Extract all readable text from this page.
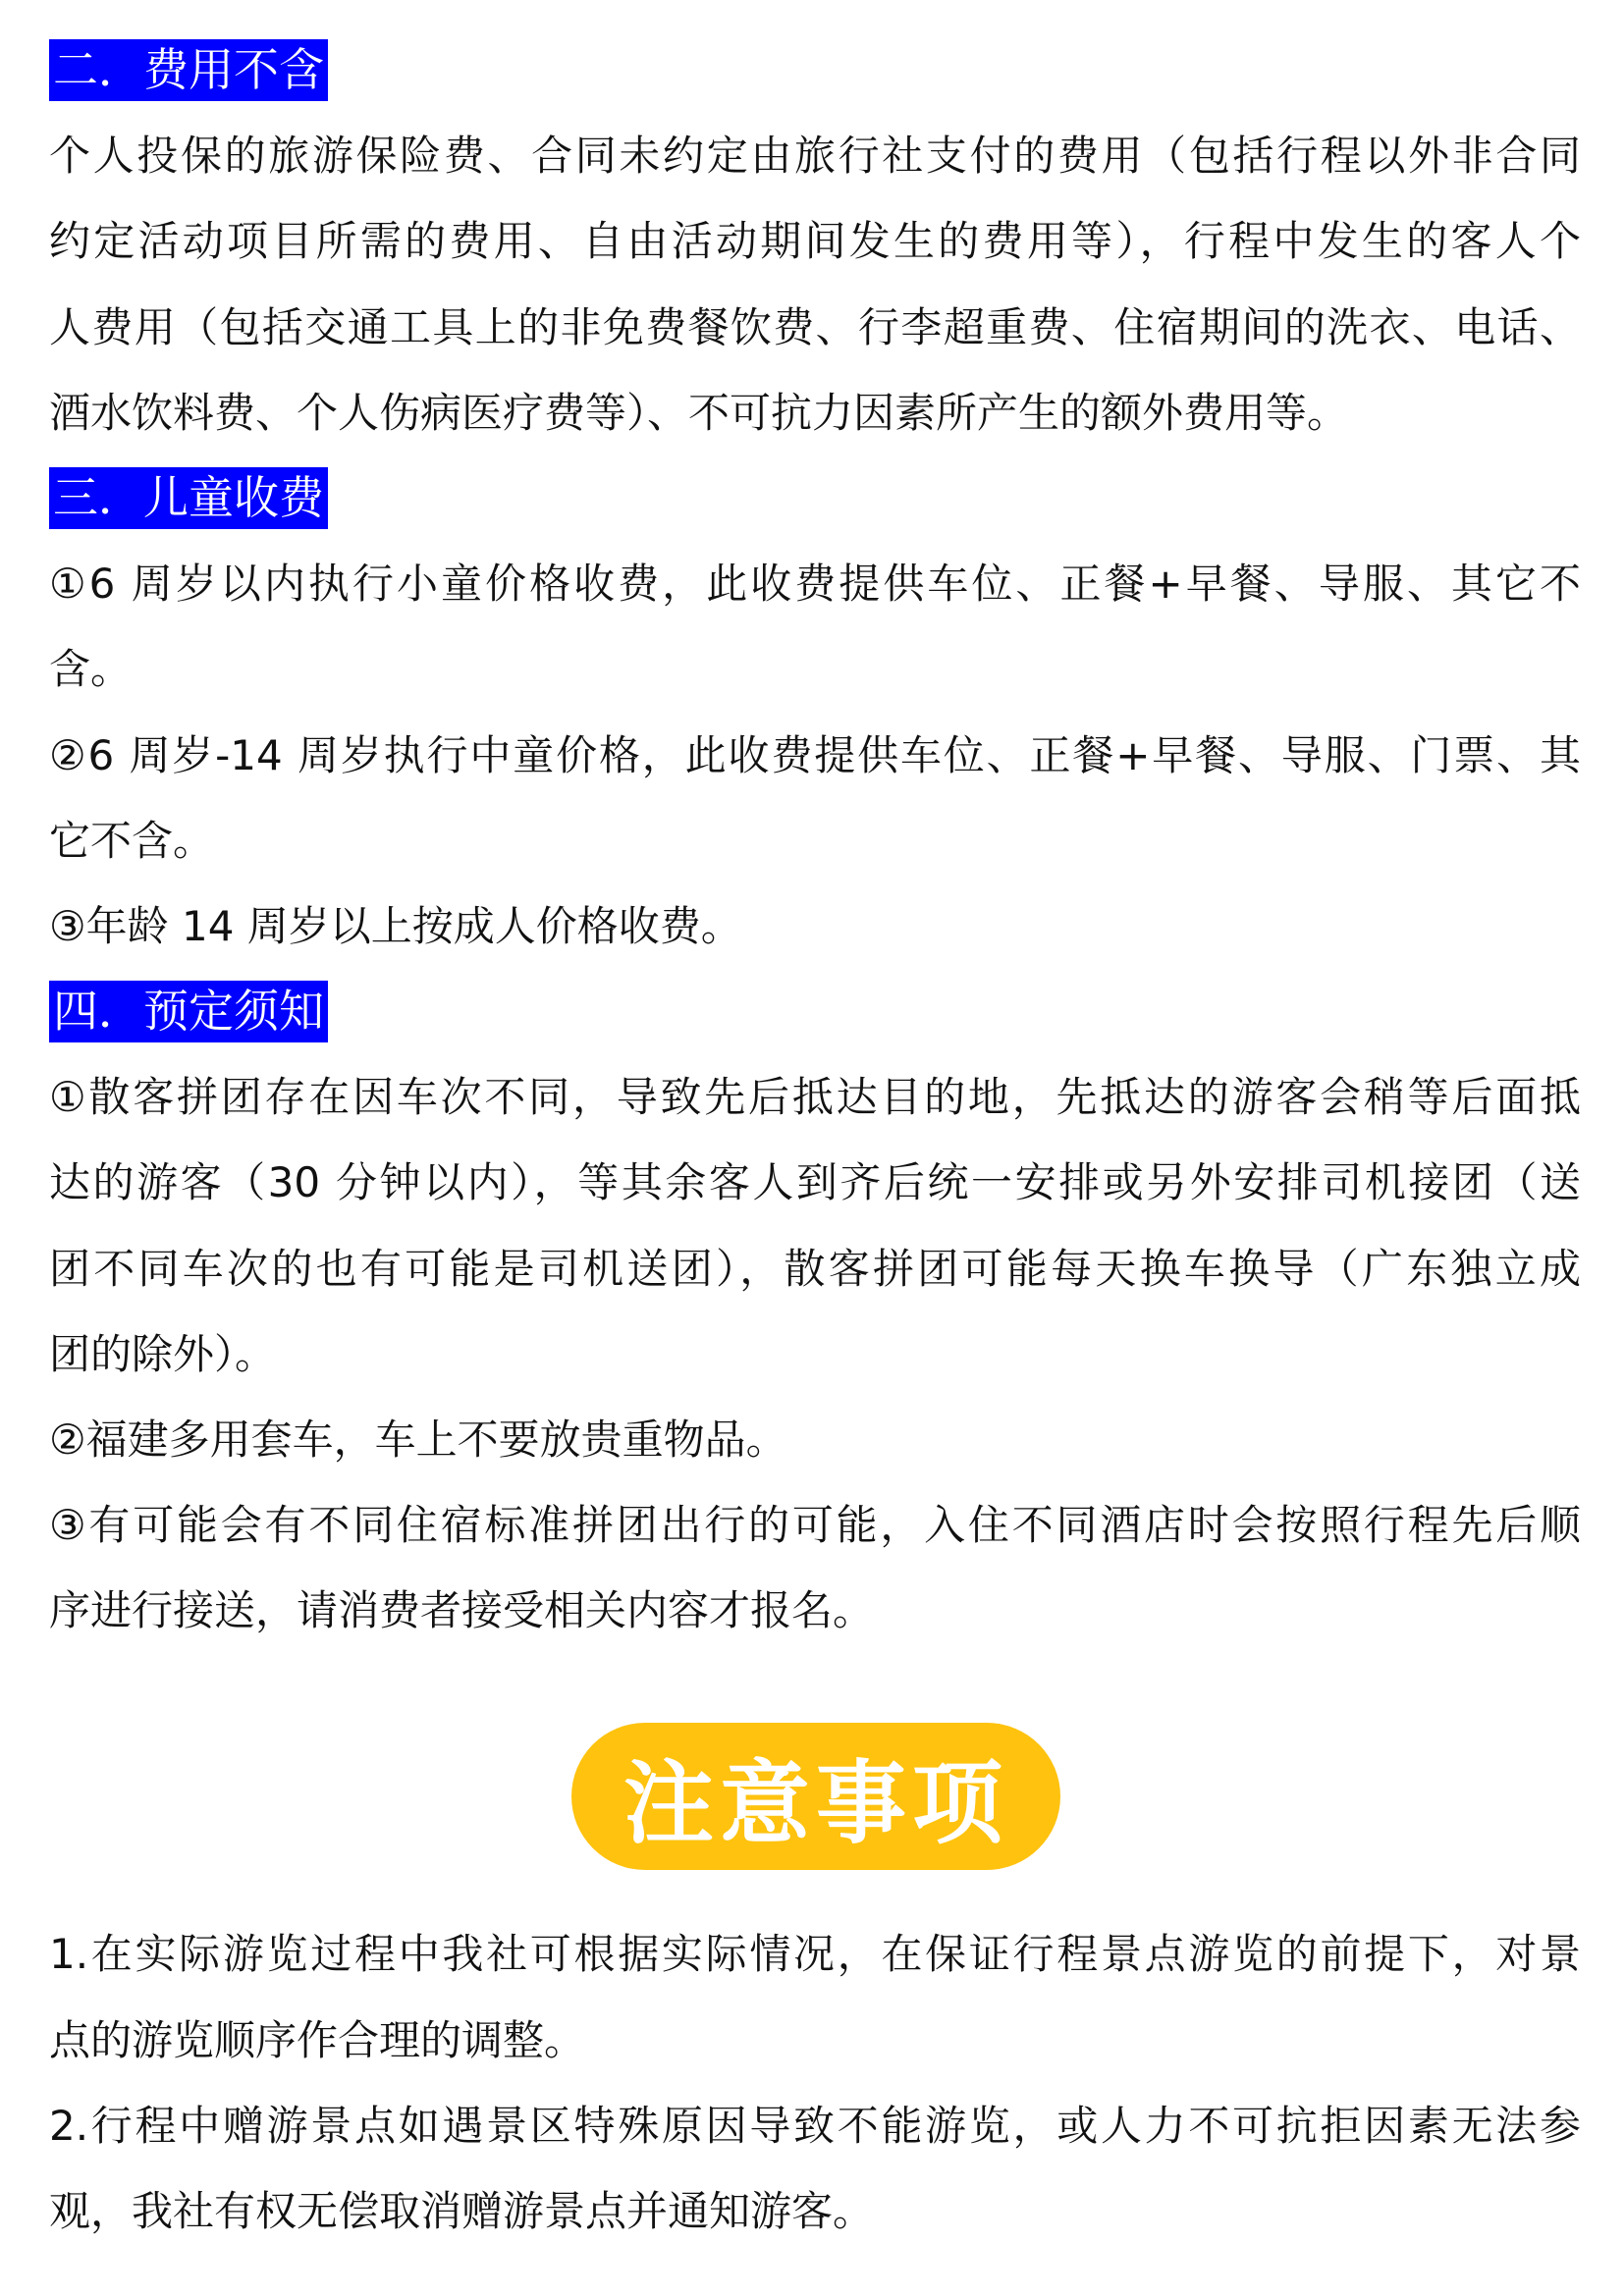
二．费用不含
个人投保的旅游保险费、合同未约定由旅行社支付的费用（包括行程以外非合同
约定活动项目所需的费用、自由活动期间发生的费用等），行程中发生的客人个
人费用（包括交通工具上的非免费餐饮费、行李超重费、住宿期间的洗衣、电话、
酒水饮料费、个人伤病医疗费等）、不可抗力因素所产生的额外费用等。
三．儿童收费
①6 周岁以内执行小童价格收费，此收费提供车位、正餐+早餐、导服、其它不
含。
②6 周岁-14 周岁执行中童价格，此收费提供车位、正餐+早餐、导服、门票、其
它不含。
③年龄 14 周岁以上按成人价格收费。
四．预定须知
①散客拼团存在因车次不同，导致先后抵达目的地，先抵达的游客会稍等后面抵
达的游客（30 分钟以内），等其余客人到齐后统一安排或另外安排司机接团（送
团不同车次的也有可能是司机送团），散客拼团可能每天换车换导（广东独立成
团的除外）。
②福建多用套车，车上不要放贵重物品。
③有可能会有不同住宿标准拼团出行的可能，入住不同酒店时会按照行程先后顺
序进行接送，请消费者接受相关内容才报名。
注意事项
1.在实际游览过程中我社可根据实际情况，在保证行程景点游览的前提下，对景
点的游览顺序作合理的调整。
2.行程中赠游景点如遇景区特殊原因导致不能游览，或人力不可抗拒因素无法参
观，我社有权无偿取消赠游景点并通知游客。
